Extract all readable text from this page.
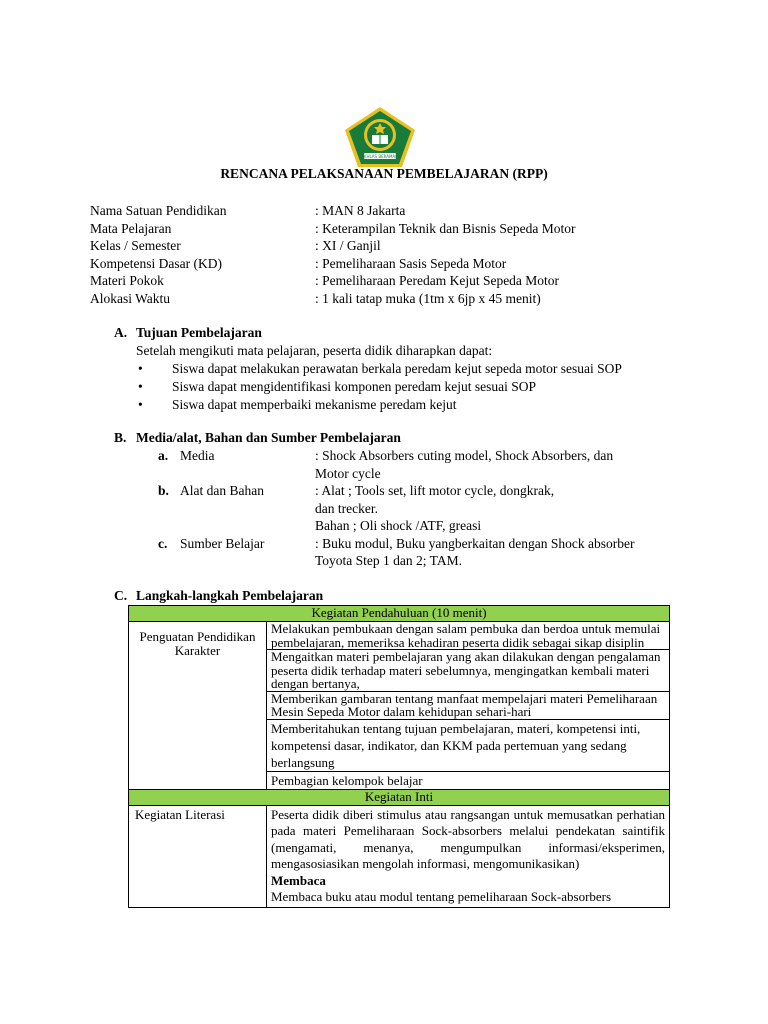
IKHLAS BERAMAL
RENCANA PELAKSANAAN PEMBELAJARAN (RPP)
Nama Satuan Pendidikan	: MAN 8 Jakarta
Mata Pelajaran	: Keterampilan Teknik dan Bisnis Sepeda Motor
Kelas / Semester	: XI / Ganjil
Kompetensi Dasar (KD)	: Pemeliharaan Sasis Sepeda Motor
Materi Pokok	: Pemeliharaan Peredam Kejut Sepeda Motor
Alokasi Waktu	: 1 kali tatap muka (1tm x 6jp x 45 menit)
A. Tujuan Pembelajaran
Setelah mengikuti mata pelajaran, peserta didik diharapkan dapat:
•	Siswa dapat melakukan perawatan berkala peredam kejut sepeda motor sesuai SOP
•	Siswa dapat mengidentifikasi komponen peredam kejut sesuai SOP
•	Siswa dapat memperbaiki mekanisme peredam kejut
B. Media/alat, Bahan dan Sumber Pembelajaran
a. Media	: Shock Absorbers cuting model, Shock Absorbers, dan
Motor cycle
b. Alat dan Bahan	: Alat ; Tools set, lift motor cycle, dongkrak,
dan trecker.
Bahan ; Oli shock /ATF, greasi
c. Sumber Belajar	: Buku modul, Buku yangberkaitan dengan Shock absorber
Toyota Step 1 dan 2; TAM.
C. Langkah-langkah Pembelajaran
Kegiatan Pendahuluan (10 menit)	
Penguatan Pendidikan Karakter	Melakukan pembukaan dengan salam pembuka dan berdoa untuk memulai pembelajaran, memeriksa kehadiran peserta didik sebagai sikap disiplin
	Mengaitkan materi pembelajaran yang akan dilakukan dengan pengalaman peserta didik terhadap materi sebelumnya, mengingatkan kembali materi dengan bertanya,
	Memberikan gambaran tentang manfaat mempelajari materi Pemeliharaan Mesin Sepeda Motor dalam kehidupan sehari-hari
	Memberitahukan tentang tujuan pembelajaran, materi, kompetensi inti, kompetensi dasar, indikator, dan KKM pada pertemuan yang sedang berlangsung
	Pembagian kelompok belajar
Kegiatan Inti	
Kegiatan Literasi	Peserta didik diberi stimulus atau rangsangan untuk memusatkan perhatian pada materi Pemeliharaan Sock-absorbers melalui pendekatan saintifik (mengamati, menanya, mengumpulkan informasi/eksperimen, mengasosiasikan mengolah informasi, mengomunikasikan)
Membaca
Membaca buku atau modul tentang pemeliharaan Sock-absorbers
